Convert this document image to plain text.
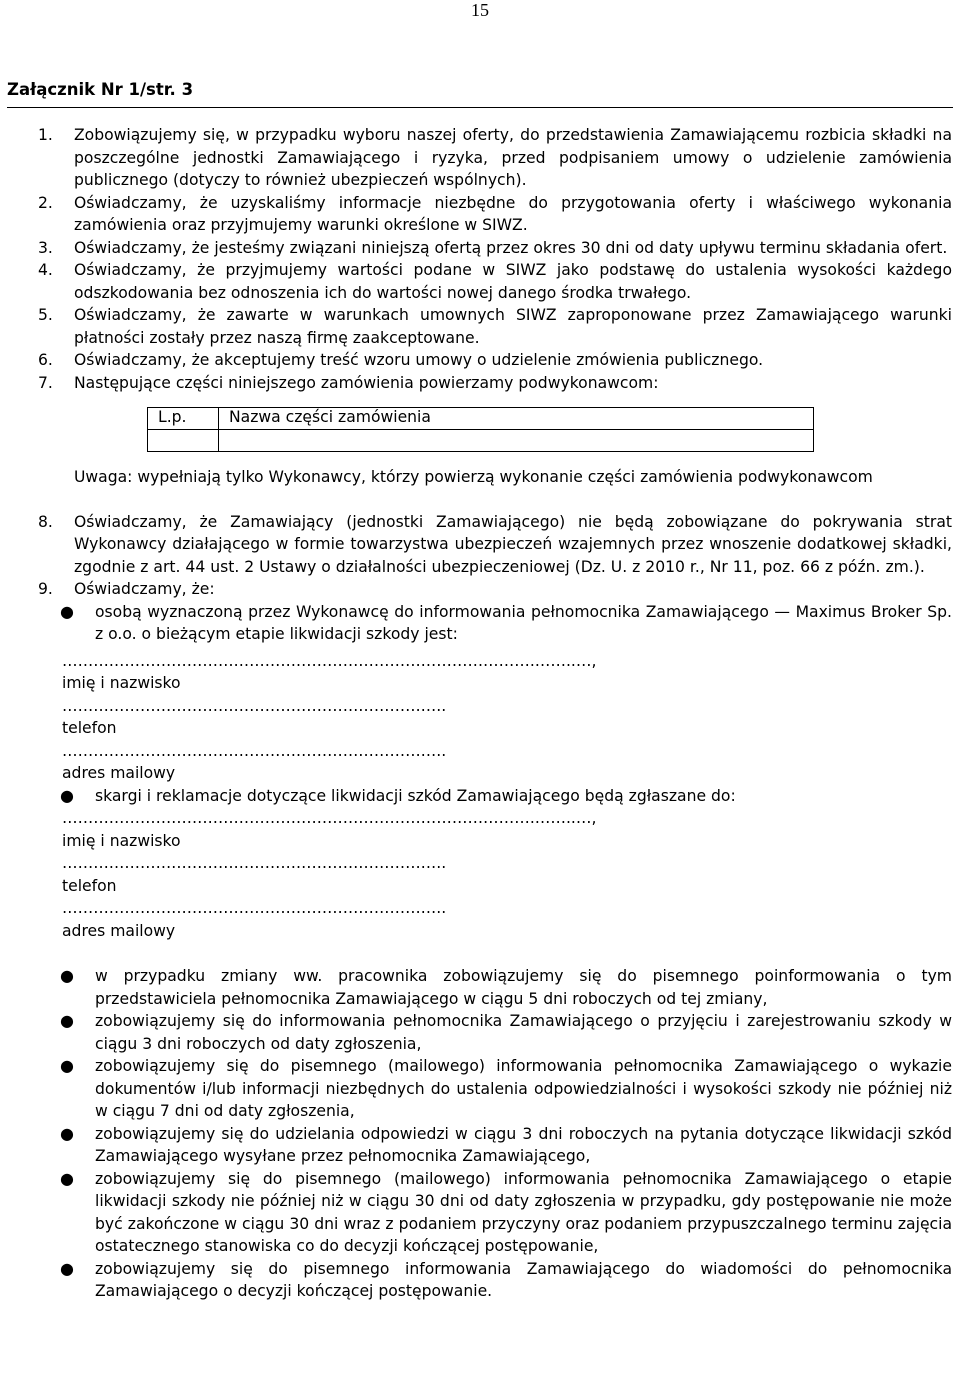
15
Załącznik Nr 1/str. 3
1. Zobowiązujemy się, w przypadku wyboru naszej oferty, do przedstawienia Zamawiającemu rozbicia składki na poszczególne jednostki Zamawiającego i ryzyka, przed podpisaniem umowy o udzielenie zamówienia publicznego (dotyczy to również ubezpieczeń wspólnych).
2. Oświadczamy, że uzyskaliśmy informacje niezbędne do przygotowania oferty i właściwego wykonania zamówienia oraz przyjmujemy warunki określone w SIWZ.
3. Oświadczamy, że jesteśmy związani niniejszą ofertą przez okres 30 dni od daty upływu terminu składania ofert.
4. Oświadczamy, że przyjmujemy wartości podane w SIWZ jako podstawę do ustalenia wysokości każdego odszkodowania bez odnoszenia ich do wartości nowej danego środka trwałego.
5. Oświadczamy, że zawarte w warunkach umownych SIWZ zaproponowane przez Zamawiającego warunki płatności zostały przez naszą firmę zaakceptowane.
6. Oświadczamy, że akceptujemy treść wzoru umowy o udzielenie zmówienia publicznego.
7. Następujące części niniejszego zamówienia powierzamy podwykonawcom:
L.p.	Nazwa części zamówienia

Uwaga: wypełniają tylko Wykonawcy, którzy powierzą wykonanie części zamówienia podwykonawcom
8. Oświadczamy, że Zamawiający (jednostki Zamawiającego) nie będą zobowiązane do pokrywania strat Wykonawcy działającego w formie towarzystwa ubezpieczeń wzajemnych przez wnoszenie dodatkowej składki, zgodnie z art. 44 ust. 2 Ustawy o działalności ubezpieczeniowej (Dz. U. z 2010 r., Nr 11, poz. 66 z późn. zm.).
9. Oświadczamy, że:
● osobą wyznaczoną przez Wykonawcę do informowania pełnomocnika Zamawiającego — Maximus Broker Sp. z o.o. o bieżącym etapie likwidacji szkody jest:
……………………………………………………………………………….……..…,
imię i nazwisko
………………………………………………………………..
telefon
………………………………………………………………..
adres mailowy
● skargi i reklamacje dotyczące likwidacji szkód Zamawiającego będą zgłaszane do:
……………………………………………………………………………….……..…,
imię i nazwisko
………………………………………………………………..
telefon
………………………………………………………………..
adres mailowy
● w przypadku zmiany ww. pracownika zobowiązujemy się do pisemnego poinformowania o tym przedstawiciela pełnomocnika Zamawiającego w ciągu 5 dni roboczych od tej zmiany,
● zobowiązujemy się do informowania pełnomocnika Zamawiającego o przyjęciu i zarejestrowaniu szkody w ciągu 3 dni roboczych od daty zgłoszenia,
● zobowiązujemy się do pisemnego (mailowego) informowania pełnomocnika Zamawiającego o wykazie dokumentów i/lub informacji niezbędnych do ustalenia odpowiedzialności i wysokości szkody nie później niż w ciągu 7 dni od daty zgłoszenia,
● zobowiązujemy się do udzielania odpowiedzi w ciągu 3 dni roboczych na pytania dotyczące likwidacji szkód Zamawiającego wysyłane przez pełnomocnika Zamawiającego,
● zobowiązujemy się do pisemnego (mailowego) informowania pełnomocnika Zamawiającego o etapie likwidacji szkody nie później niż w ciągu 30 dni od daty zgłoszenia w przypadku, gdy postępowanie nie może być zakończone w ciągu 30 dni wraz z podaniem przyczyny oraz podaniem przypuszczalnego terminu zajęcia ostatecznego stanowiska co do decyzji kończącej postępowanie,
● zobowiązujemy się do pisemnego informowania Zamawiającego do wiadomości do pełnomocnika Zamawiającego o decyzji kończącej postępowanie.
